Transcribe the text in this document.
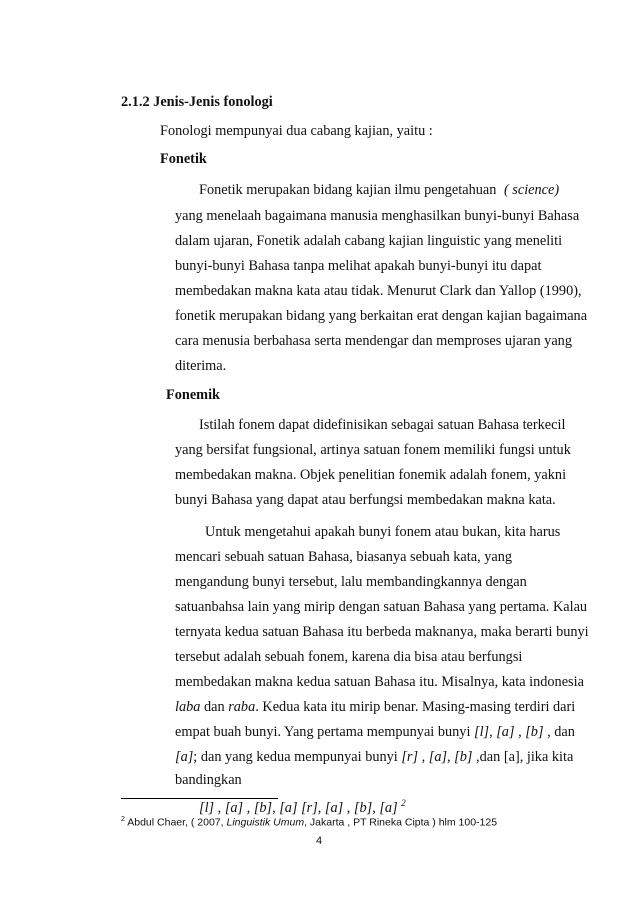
2.1.2 Jenis-Jenis fonologi
Fonologi mempunyai dua cabang kajian, yaitu :
Fonetik
Fonetik merupakan bidang kajian ilmu pengetahuan ( science)
yang menelaah bagaimana manusia menghasilkan bunyi-bunyi Bahasa
dalam ujaran, Fonetik adalah cabang kajian linguistic yang meneliti
bunyi-bunyi Bahasa tanpa melihat apakah bunyi-bunyi itu dapat
membedakan makna kata atau tidak. Menurut Clark dan Yallop (1990),
fonetik merupakan bidang yang berkaitan erat dengan kajian bagaimana
cara menusia berbahasa serta mendengar dan memproses ujaran yang
diterima.
Fonemik
Istilah fonem dapat didefinisikan sebagai satuan Bahasa terkecil
yang bersifat fungsional, artinya satuan fonem memiliki fungsi untuk
membedakan makna. Objek penelitian fonemik adalah fonem, yakni
bunyi Bahasa yang dapat atau berfungsi membedakan makna kata.
Untuk mengetahui apakah bunyi fonem atau bukan, kita harus
mencari sebuah satuan Bahasa, biasanya sebuah kata, yang
mengandung bunyi tersebut, lalu membandingkannya dengan
satuanbahsa lain yang mirip dengan satuan Bahasa yang pertama. Kalau
ternyata kedua satuan Bahasa itu berbeda maknanya, maka berarti bunyi
tersebut adalah sebuah fonem, karena dia bisa atau berfungsi
membedakan makna kedua satuan Bahasa itu. Misalnya, kata indonesia
laba dan raba. Kedua kata itu mirip benar. Masing-masing terdiri dari
empat buah bunyi. Yang pertama mempunyai bunyi [l], [a] , [b] , dan
[a]; dan yang kedua mempunyai bunyi [r] , [a], [b] ,dan [a], jika kita
bandingkan
[l] , [a] , [b], [a] [r], [a] , [b], [a] $^2$
$^2$ Abdul Chaer, ( 2007, Linguistik Umum, Jakarta , PT Rineka Cipta ) hlm 100-125
4
